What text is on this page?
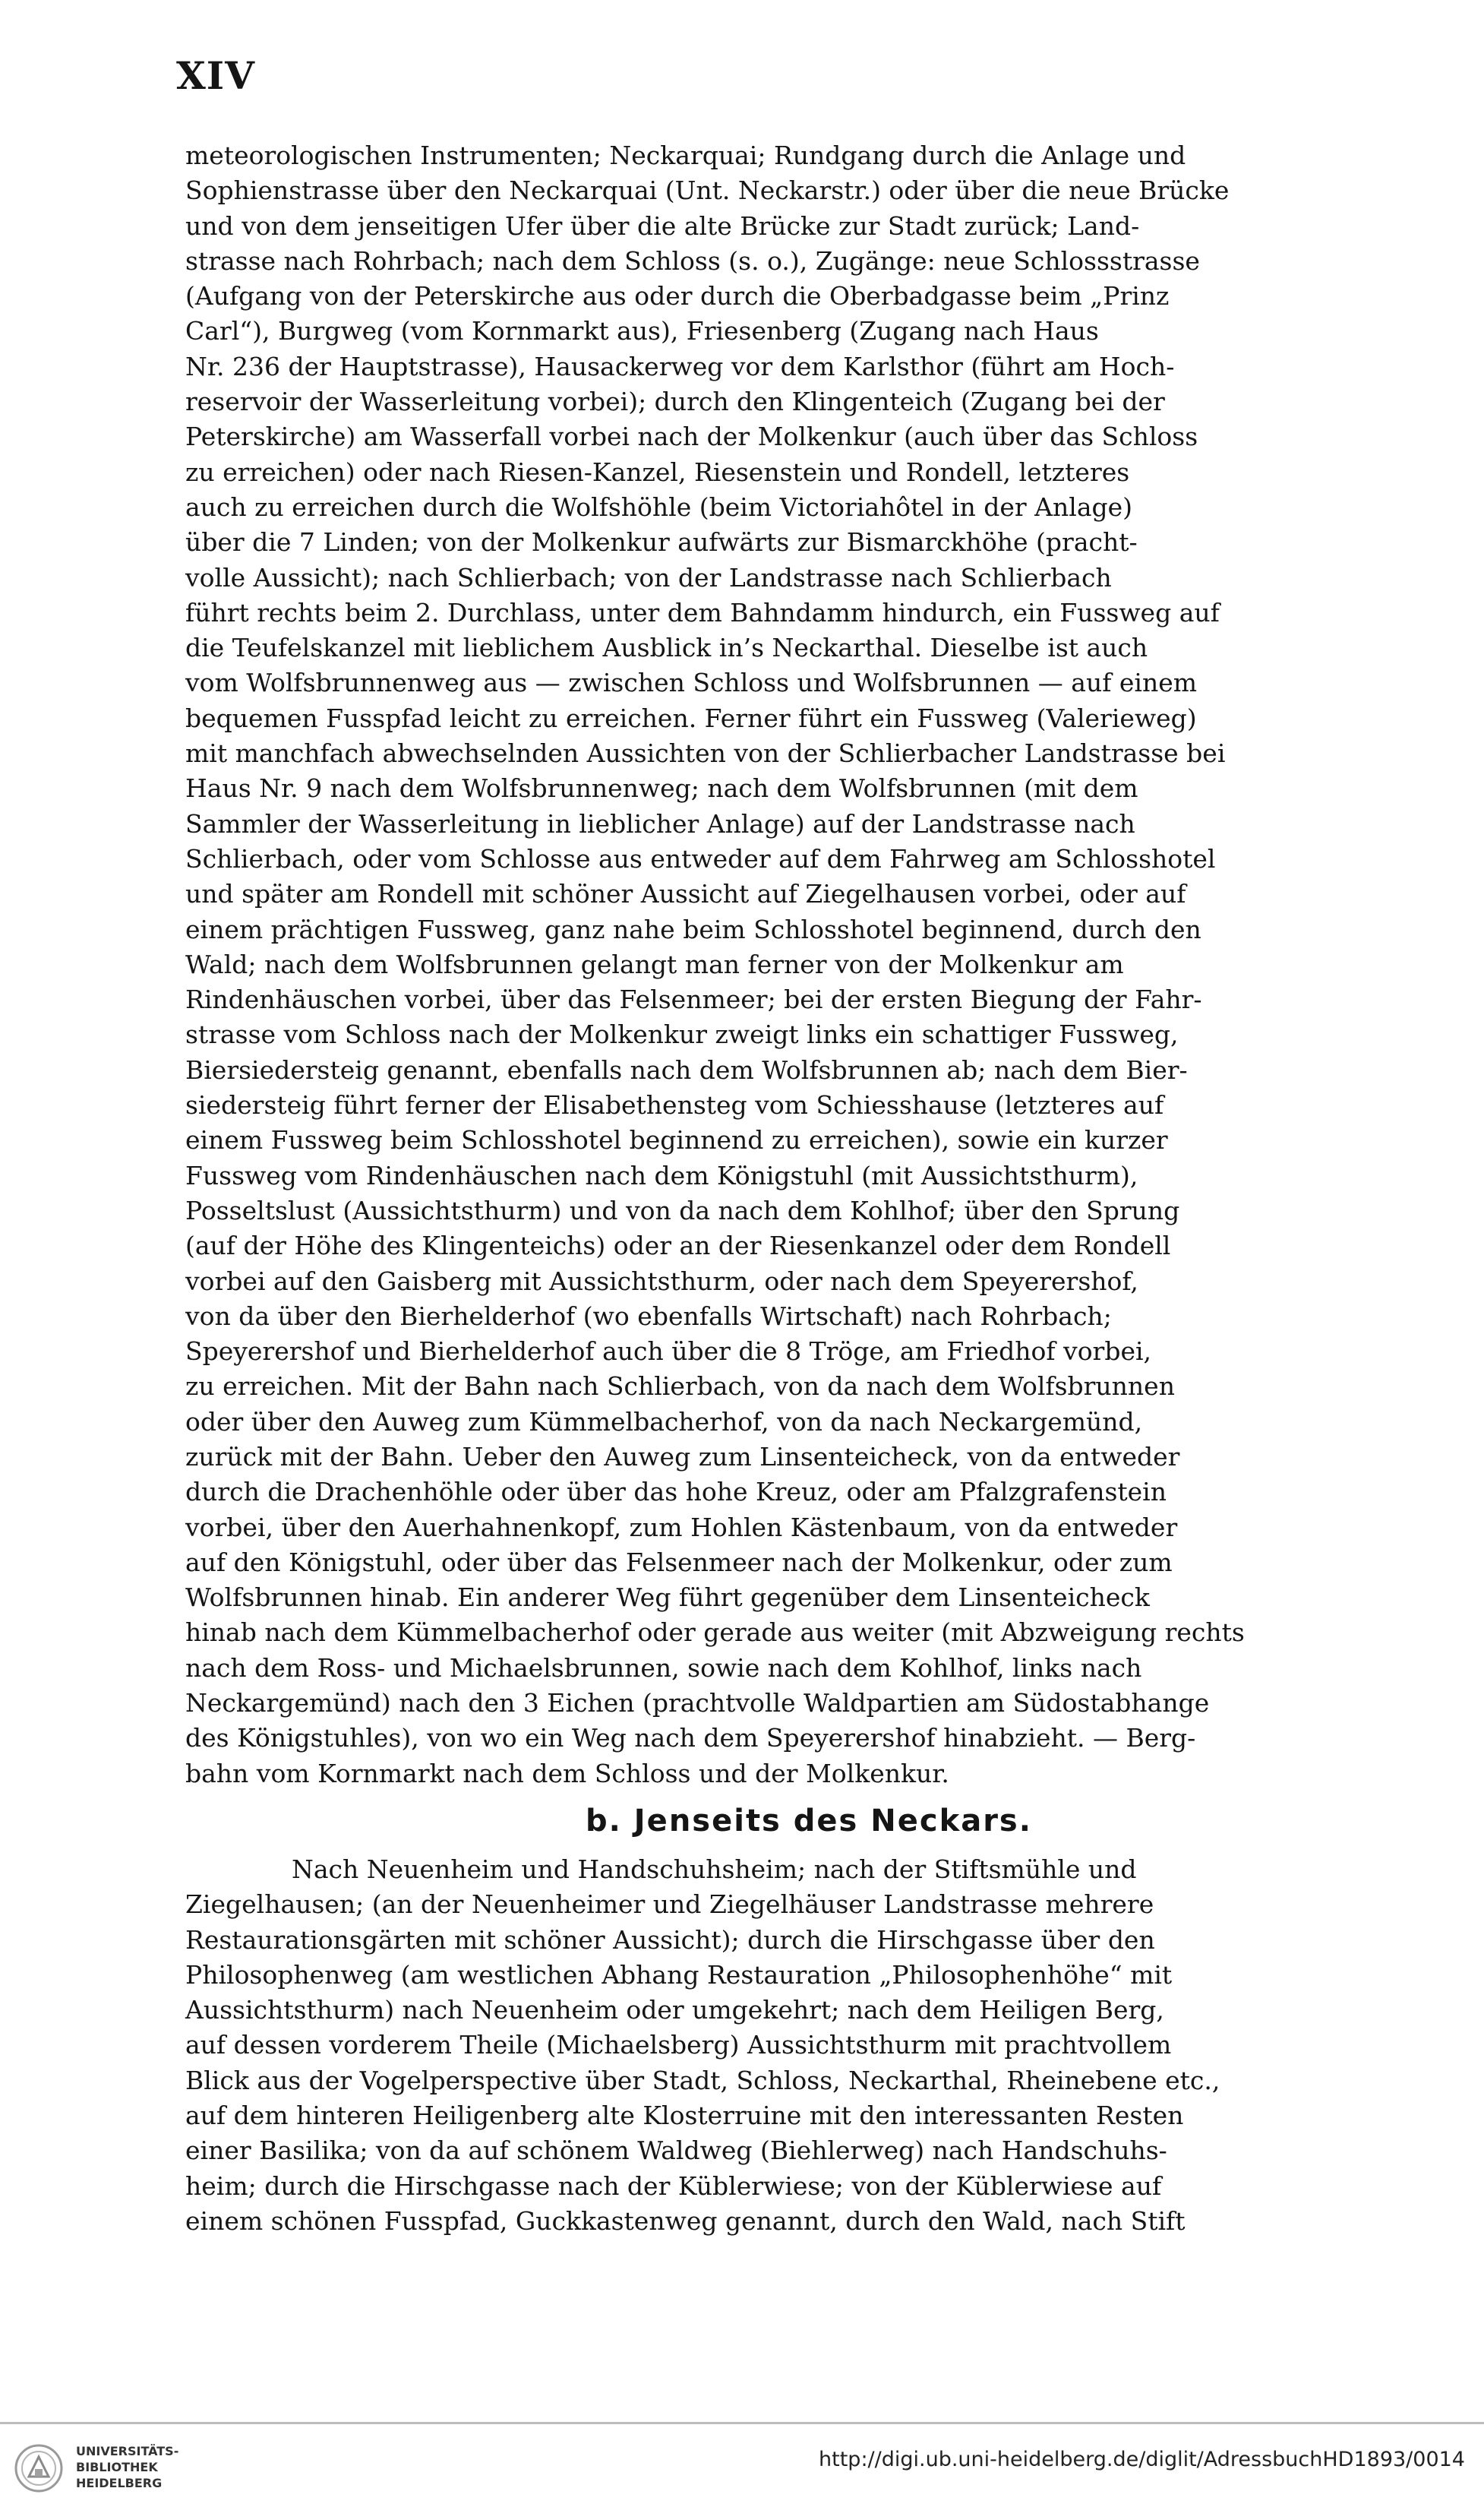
XIV
meteorologischen Instrumenten; Neckarquai; Rundgang durch die Anlage und
Sophienstrasse über den Neckarquai (Unt. Neckarstr.) oder über die neue Brücke
und von dem jenseitigen Ufer über die alte Brücke zur Stadt zurück; Land-
strasse nach Rohrbach; nach dem Schloss (s. o.), Zugänge: neue Schlossstrasse
(Aufgang von der Peterskirche aus oder durch die Oberbadgasse beim „Prinz
Carl“), Burgweg (vom Kornmarkt aus), Friesenberg (Zugang nach Haus
Nr. 236 der Hauptstrasse), Hausackerweg vor dem Karlsthor (führt am Hoch-
reservoir der Wasserleitung vorbei); durch den Klingenteich (Zugang bei der
Peterskirche) am Wasserfall vorbei nach der Molkenkur (auch über das Schloss
zu erreichen) oder nach Riesen-Kanzel, Riesenstein und Rondell, letzteres
auch zu erreichen durch die Wolfshöhle (beim Victoriahôtel in der Anlage)
über die 7 Linden; von der Molkenkur aufwärts zur Bismarckhöhe (pracht-
volle Aussicht); nach Schlierbach; von der Landstrasse nach Schlierbach
führt rechts beim 2. Durchlass, unter dem Bahndamm hindurch, ein Fussweg auf
die Teufelskanzel mit lieblichem Ausblick in’s Neckarthal. Dieselbe ist auch
vom Wolfsbrunnenweg aus — zwischen Schloss und Wolfsbrunnen — auf einem
bequemen Fusspfad leicht zu erreichen. Ferner führt ein Fussweg (Valerieweg)
mit manchfach abwechselnden Aussichten von der Schlierbacher Landstrasse bei
Haus Nr. 9 nach dem Wolfsbrunnenweg; nach dem Wolfsbrunnen (mit dem
Sammler der Wasserleitung in lieblicher Anlage) auf der Landstrasse nach
Schlierbach, oder vom Schlosse aus entweder auf dem Fahrweg am Schlosshotel
und später am Rondell mit schöner Aussicht auf Ziegelhausen vorbei, oder auf
einem prächtigen Fussweg, ganz nahe beim Schlosshotel beginnend, durch den
Wald; nach dem Wolfsbrunnen gelangt man ferner von der Molkenkur am
Rindenhäuschen vorbei, über das Felsenmeer; bei der ersten Biegung der Fahr-
strasse vom Schloss nach der Molkenkur zweigt links ein schattiger Fussweg,
Biersiedersteig genannt, ebenfalls nach dem Wolfsbrunnen ab; nach dem Bier-
siedersteig führt ferner der Elisabethensteg vom Schiesshause (letzteres auf
einem Fussweg beim Schlosshotel beginnend zu erreichen), sowie ein kurzer
Fussweg vom Rindenhäuschen nach dem Königstuhl (mit Aussichtsthurm),
Posseltslust (Aussichtsthurm) und von da nach dem Kohlhof; über den Sprung
(auf der Höhe des Klingenteichs) oder an der Riesenkanzel oder dem Rondell
vorbei auf den Gaisberg mit Aussichtsthurm, oder nach dem Speyerershof,
von da über den Bierhelderhof (wo ebenfalls Wirtschaft) nach Rohrbach;
Speyerershof und Bierhelderhof auch über die 8 Tröge, am Friedhof vorbei,
zu erreichen. Mit der Bahn nach Schlierbach, von da nach dem Wolfsbrunnen
oder über den Auweg zum Kümmelbacherhof, von da nach Neckargemünd,
zurück mit der Bahn. Ueber den Auweg zum Linsenteicheck, von da entweder
durch die Drachenhöhle oder über das hohe Kreuz, oder am Pfalzgrafenstein
vorbei, über den Auerhahnenkopf, zum Hohlen Kästenbaum, von da entweder
auf den Königstuhl, oder über das Felsenmeer nach der Molkenkur, oder zum
Wolfsbrunnen hinab. Ein anderer Weg führt gegenüber dem Linsenteicheck
hinab nach dem Kümmelbacherhof oder gerade aus weiter (mit Abzweigung rechts
nach dem Ross- und Michaelsbrunnen, sowie nach dem Kohlhof, links nach
Neckargemünd) nach den 3 Eichen (prachtvolle Waldpartien am Südostabhange
des Königstuhles), von wo ein Weg nach dem Speyerershof hinabzieht. — Berg-
bahn vom Kornmarkt nach dem Schloss und der Molkenkur.
b. Jenseits des Neckars.
Nach Neuenheim und Handschuhsheim; nach der Stiftsmühle und
Ziegelhausen; (an der Neuenheimer und Ziegelhäuser Landstrasse mehrere
Restaurationsgärten mit schöner Aussicht); durch die Hirschgasse über den
Philosophenweg (am westlichen Abhang Restauration „Philosophenhöhe“ mit
Aussichtsthurm) nach Neuenheim oder umgekehrt; nach dem Heiligen Berg,
auf dessen vorderem Theile (Michaelsberg) Aussichtsthurm mit prachtvollem
Blick aus der Vogelperspective über Stadt, Schloss, Neckarthal, Rheinebene etc.,
auf dem hinteren Heiligenberg alte Klosterruine mit den interessanten Resten
einer Basilika; von da auf schönem Waldweg (Biehlerweg) nach Handschuhs-
heim; durch die Hirschgasse nach der Küblerwiese; von der Küblerwiese auf
einem schönen Fusspfad, Guckkastenweg genannt, durch den Wald, nach Stift
UNIVERSITÄTS-
BIBLIOTHEK
HEIDELBERG
http://digi.ub.uni-heidelberg.de/diglit/AdressbuchHD1893/0014
